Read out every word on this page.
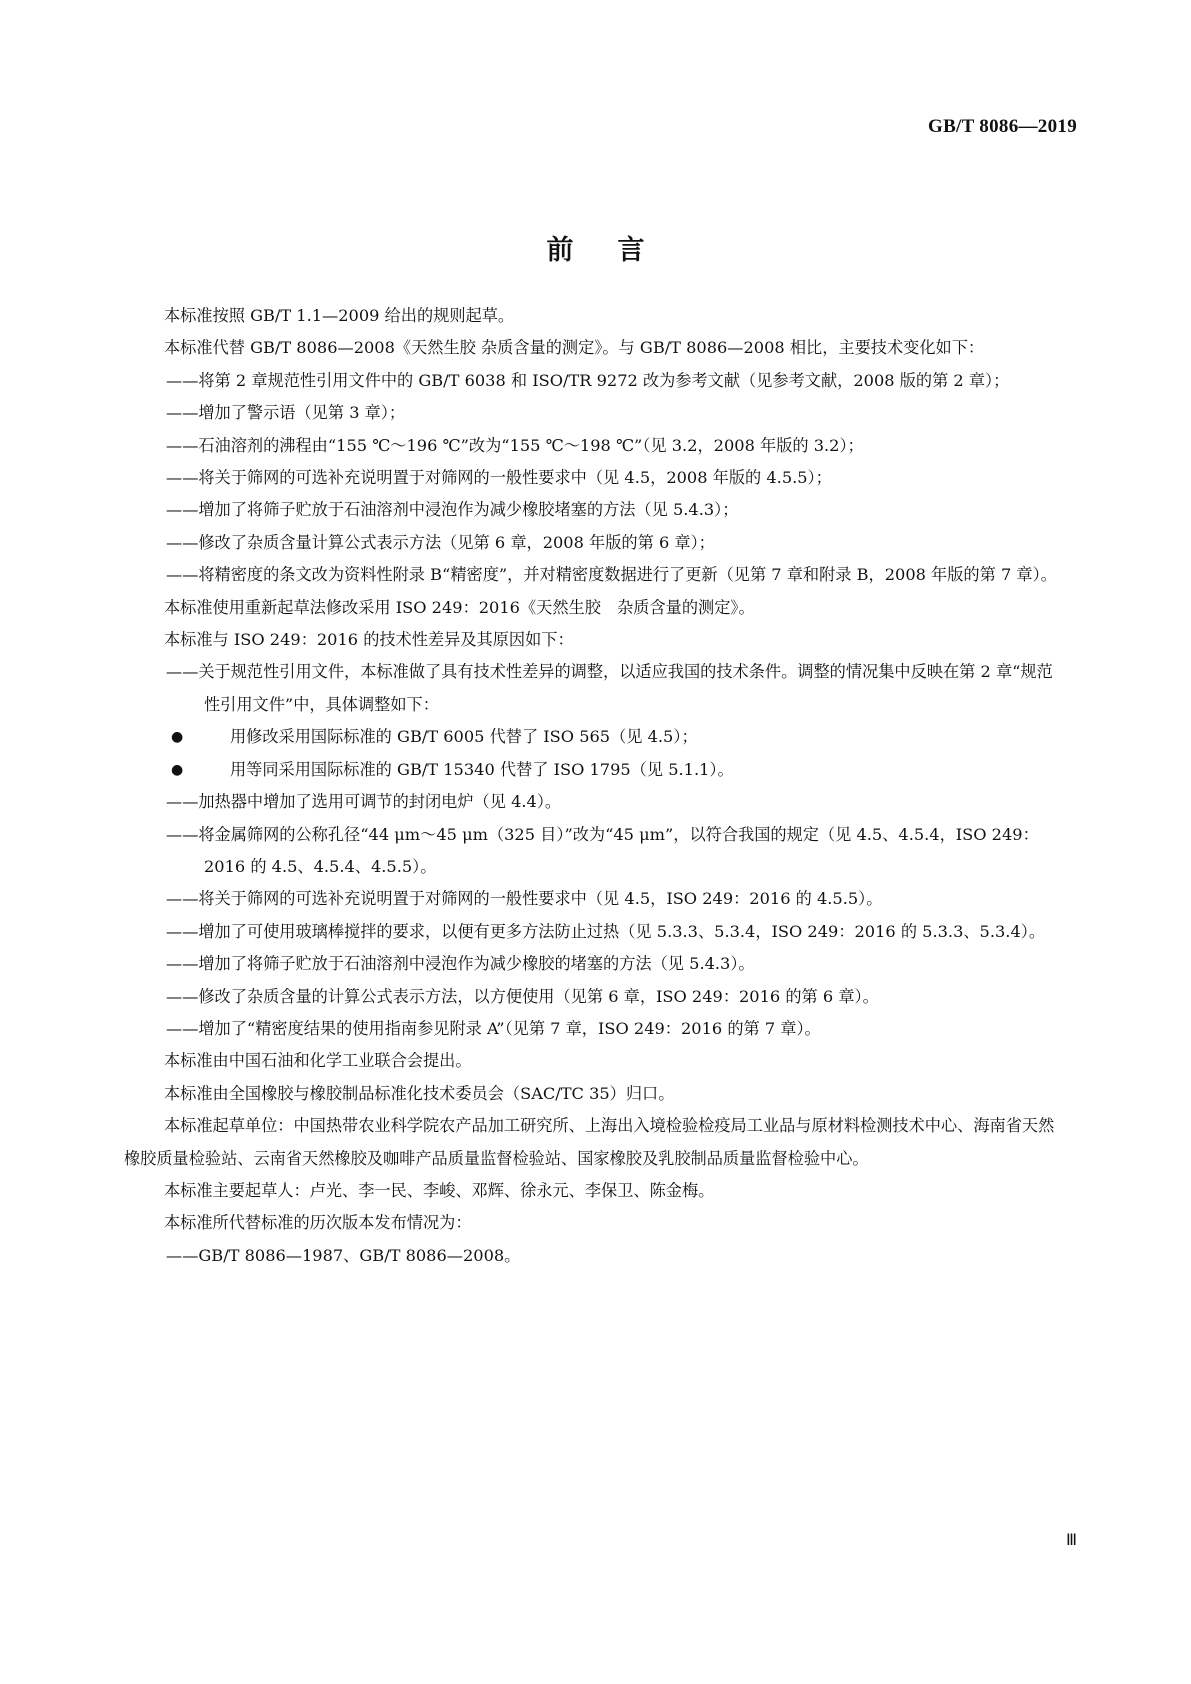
GB/T 8086—2019
前言

本标准按照 GB/T 1.1—2009 给出的规则起草。

本标准代替 GB/T 8086—2008《天然生胶 杂质含量的测定》。与 GB/T 8086—2008 相比，主要技术变化如下：

——将第 2 章规范性引用文件中的 GB/T 6038 和 ISO/TR 9272 改为参考文献（见参考文献，2008 版的第 2 章）；

——增加了警示语（见第 3 章）；

——石油溶剂的沸程由“155 ℃～196 ℃”改为“155 ℃～198 ℃”（见 3.2，2008 年版的 3.2）；

——将关于筛网的可选补充说明置于对筛网的一般性要求中（见 4.5，2008 年版的 4.5.5）；

——增加了将筛子贮放于石油溶剂中浸泡作为减少橡胶堵塞的方法（见 5.4.3）；

——修改了杂质含量计算公式表示方法（见第 6 章，2008 年版的第 6 章）；

——将精密度的条文改为资料性附录 B“精密度”，并对精密度数据进行了更新（见第 7 章和附录 B，2008 年版的第 7 章）。

本标准使用重新起草法修改采用 ISO 249：2016《天然生胶　杂质含量的测定》。

本标准与 ISO 249：2016 的技术性差异及其原因如下：

——关于规范性引用文件，本标准做了具有技术性差异的调整，以适应我国的技术条件。调整的情况集中反映在第 2 章“规范性引用文件”中，具体调整如下：

●	用修改采用国际标准的 GB/T 6005 代替了 ISO 565（见 4.5）；

●	用等同采用国际标准的 GB/T 15340 代替了 ISO 1795（见 5.1.1）。

——加热器中增加了选用可调节的封闭电炉（见 4.4）。

——将金属筛网的公称孔径“44 μm～45 μm（325 目）”改为“45 μm”，以符合我国的规定（见 4.5、4.5.4，ISO 249：2016 的 4.5、4.5.4、4.5.5）。

——将关于筛网的可选补充说明置于对筛网的一般性要求中（见 4.5，ISO 249：2016 的 4.5.5）。

——增加了可使用玻璃棒搅拌的要求，以便有更多方法防止过热（见 5.3.3、5.3.4，ISO 249：2016 的 5.3.3、5.3.4）。

——增加了将筛子贮放于石油溶剂中浸泡作为减少橡胶的堵塞的方法（见 5.4.3）。

——修改了杂质含量的计算公式表示方法，以方便使用（见第 6 章，ISO 249：2016 的第 6 章）。

——增加了“精密度结果的使用指南参见附录 A”（见第 7 章，ISO 249：2016 的第 7 章）。

本标准由中国石油和化学工业联合会提出。

本标准由全国橡胶与橡胶制品标准化技术委员会（SAC/TC 35）归口。

本标准起草单位：中国热带农业科学院农产品加工研究所、上海出入境检验检疫局工业品与原材料检测技术中心、海南省天然橡胶质量检验站、云南省天然橡胶及咖啡产品质量监督检验站、国家橡胶及乳胶制品质量监督检验中心。

本标准主要起草人：卢光、李一民、李峻、邓辉、徐永元、李保卫、陈金梅。

本标准所代替标准的历次版本发布情况为：

——GB/T 8086—1987、GB/T 8086—2008。

Ⅲ
